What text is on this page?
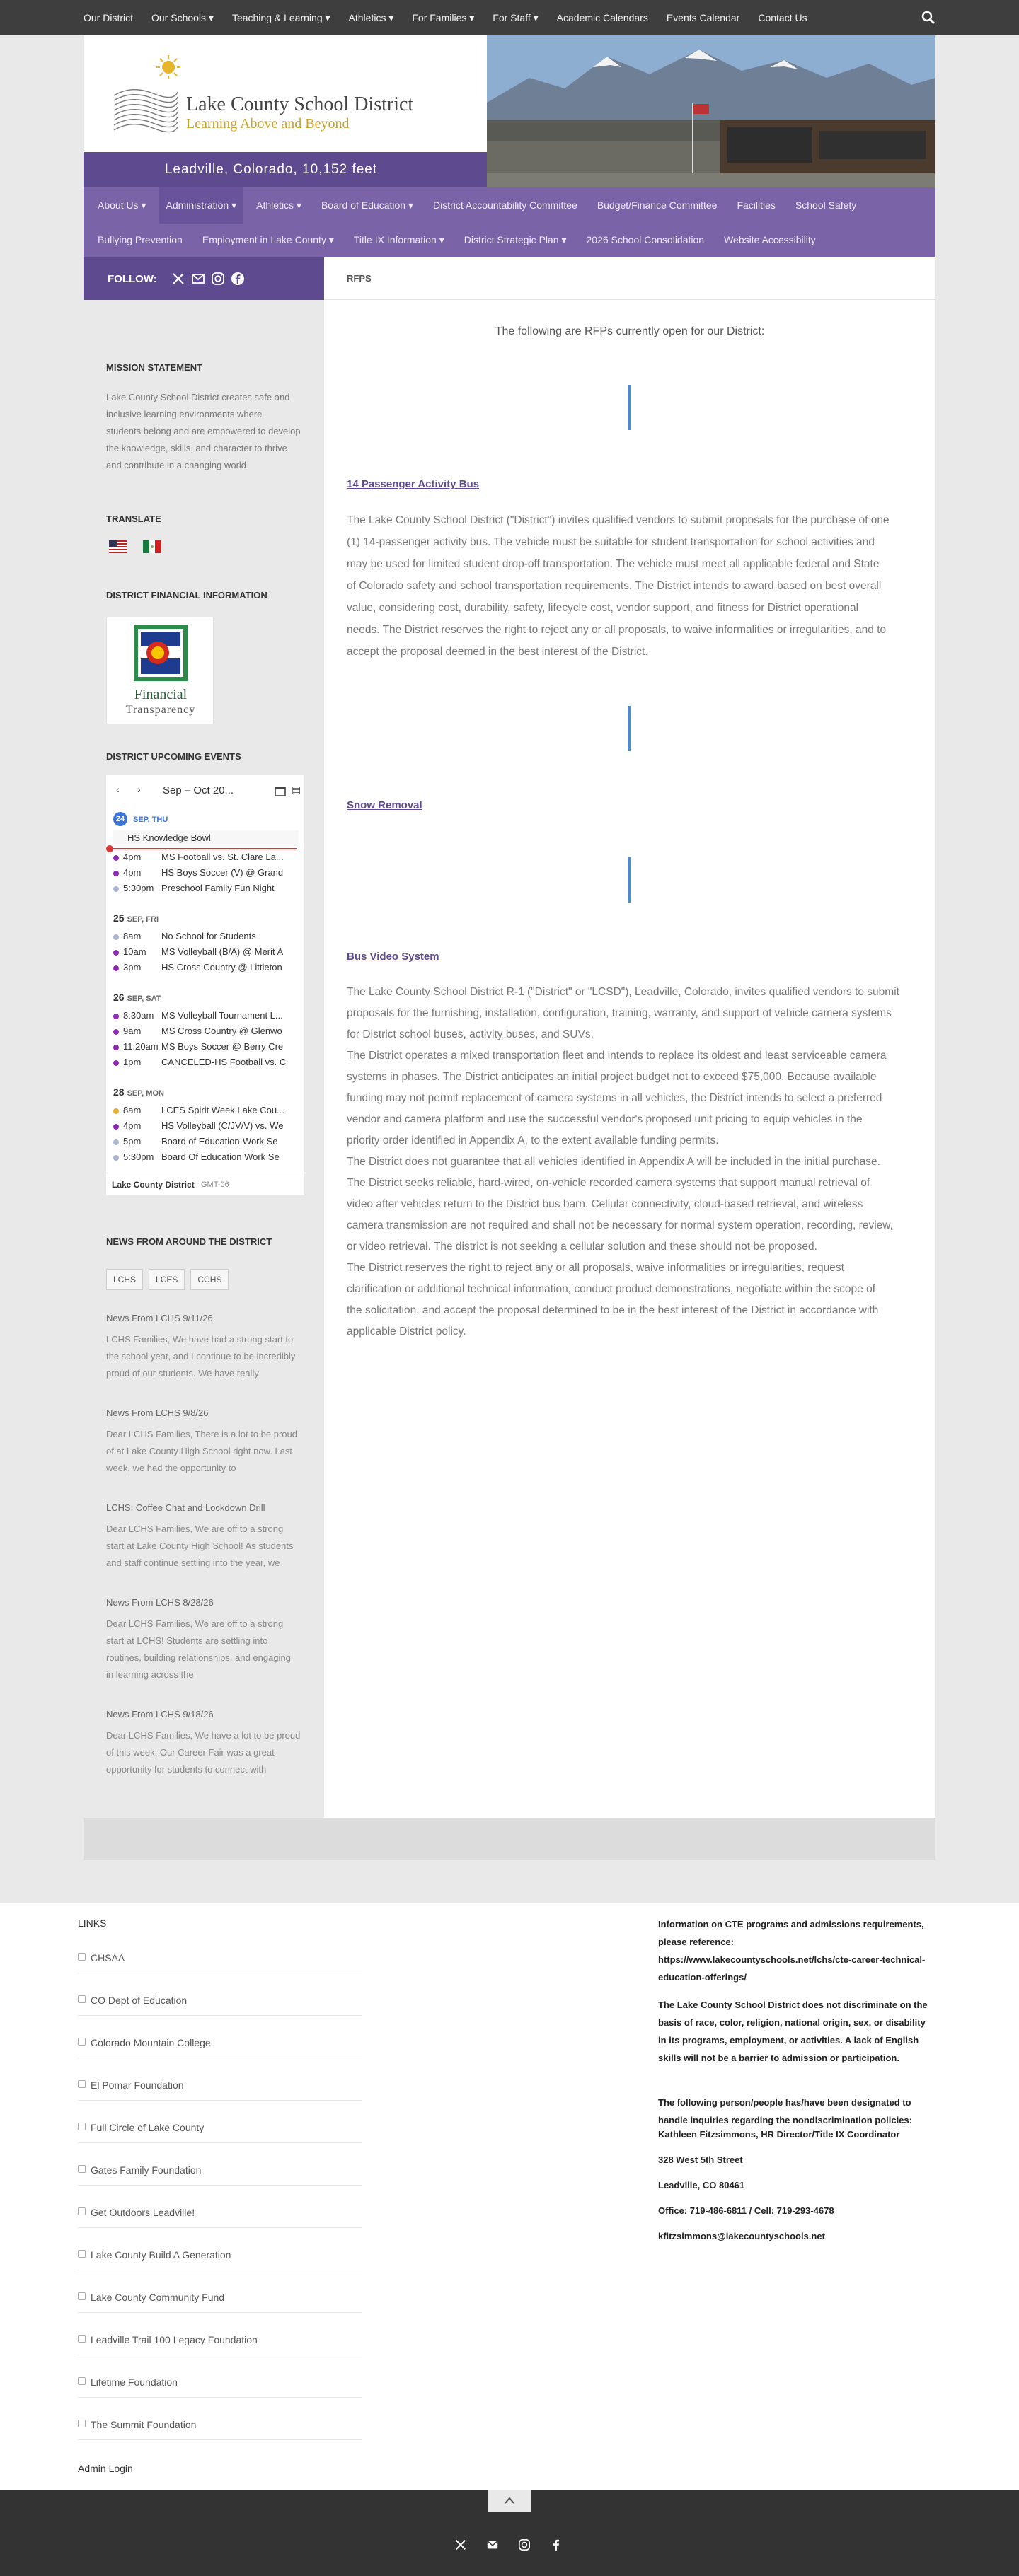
Our District Our Schools ▾ Teaching & Learning ▾ Athletics ▾ For Families ▾ For Staff ▾ Academic Calendars Events Calendar Contact Us
Lake County School District
Learning Above and Beyond
Leadville, Colorado, 10,152 feet
About Us ▾	Administration ▾	Athletics ▾ Board of Education ▾ District Accountability Committee Budget/Finance Committee Facilities School Safety
Bullying Prevention Employment in Lake County ▾ Title IX Information ▾ District Strategic Plan ▾ 2026 School Consolidation Website Accessibility
FOLLOW:
MISSION STATEMENT
Lake County School District creates safe and
inclusive learning environments where
students belong and are empowered to develop
the knowledge, skills, and character to thrive
and contribute in a changing world.
TRANSLATE
DISTRICT FINANCIAL INFORMATION
Financial
Transparency
DISTRICT UPCOMING EVENTS
‹ › Sep – Oct 20...	▤
24	SEP, THU
HS Knowledge Bowl
4pm MS Football vs. St. Clare La...
4pm HS Boys Soccer (V) @ Grand
5:30pm Preschool Family Fun Night
25 SEP, FRI
8am No School for Students
10am MS Volleyball (B/A) @ Merit A
3pm HS Cross Country @ Littleton
26 SEP, SAT
8:30am MS Volleyball Tournament L...
9am MS Cross Country @ Glenwo
11:20am MS Boys Soccer @ Berry Cre
1pm CANCELED-HS Football vs. C
28 SEP, MON
8am LCES Spirit Week Lake Cou...
4pm HS Volleyball (C/JV/V) vs. We
5pm Board of Education-Work Se
5:30pm Board Of Education Work Se
Lake County District GMT-06
NEWS FROM AROUND THE DISTRICT
LCHS	LCES	CCHS
News From LCHS 9/11/26
LCHS Families, We have had a strong start to
the school year, and I continue to be incredibly
proud of our students. We have really
News From LCHS 9/8/26
Dear LCHS Families, There is a lot to be proud
of at Lake County High School right now. Last
week, we had the opportunity to
LCHS: Coffee Chat and Lockdown Drill
Dear LCHS Families, We are off to a strong
start at Lake County High School! As students
and staff continue settling into the year, we
News From LCHS 8/28/26
Dear LCHS Families, We are off to a strong
start at LCHS! Students are settling into
routines, building relationships, and engaging
in learning across the
News From LCHS 9/18/26
Dear LCHS Families, We have a lot to be proud
of this week. Our Career Fair was a great
opportunity for students to connect with
RFPS
The following are RFPs currently open for our District:
14 Passenger Activity Bus
The Lake County School District ("District") invites qualified vendors to submit proposals for the purchase of one
(1) 14-passenger activity bus. The vehicle must be suitable for student transportation for school activities and
may be used for limited student drop-off transportation. The vehicle must meet all applicable federal and State
of Colorado safety and school transportation requirements. The District intends to award based on best overall
value, considering cost, durability, safety, lifecycle cost, vendor support, and fitness for District operational
needs. The District reserves the right to reject any or all proposals, to waive informalities or irregularities, and to
accept the proposal deemed in the best interest of the District.
Snow Removal
Bus Video System
The Lake County School District R-1 ("District" or "LCSD"), Leadville, Colorado, invites qualified vendors to submit
proposals for the furnishing, installation, configuration, training, warranty, and support of vehicle camera systems
for District school buses, activity buses, and SUVs.
The District operates a mixed transportation fleet and intends to replace its oldest and least serviceable camera
systems in phases. The District anticipates an initial project budget not to exceed $75,000. Because available
funding may not permit replacement of camera systems in all vehicles, the District intends to select a preferred
vendor and camera platform and use the successful vendor's proposed unit pricing to equip vehicles in the
priority order identified in Appendix A, to the extent available funding permits.
The District does not guarantee that all vehicles identified in Appendix A will be included in the initial purchase.
The District seeks reliable, hard-wired, on-vehicle recorded camera systems that support manual retrieval of
video after vehicles return to the District bus barn. Cellular connectivity, cloud-based retrieval, and wireless
camera transmission are not required and shall not be necessary for normal system operation, recording, review,
or video retrieval. The district is not seeking a cellular solution and these should not be proposed.
The District reserves the right to reject any or all proposals, waive informalities or irregularities, request
clarification or additional technical information, conduct product demonstrations, negotiate within the scope of
the solicitation, and accept the proposal determined to be in the best interest of the District in accordance with
applicable District policy.
LINKS
CHSAA
CO Dept of Education
Colorado Mountain College
El Pomar Foundation
Full Circle of Lake County
Gates Family Foundation
Get Outdoors Leadville!
Lake County Build A Generation
Lake County Community Fund
Leadville Trail 100 Legacy Foundation
Lifetime Foundation
The Summit Foundation
Information on CTE programs and admissions requirements,
please reference:
https://www.lakecountyschools.net/lchs/cte-career-technical-
education-offerings/
The Lake County School District does not discriminate on the
basis of race, color, religion, national origin, sex, or disability
in its programs, employment, or activities. A lack of English
skills will not be a barrier to admission or participation.
The following person/people has/have been designated to
handle inquiries regarding the nondiscrimination policies:
Kathleen Fitzsimmons, HR Director/Title IX Coordinator
328 West 5th Street
Leadville, CO 80461
Office: 719-486-6811 / Cell: 719-293-4678
kfitzsimmons@lakecountyschools.net
Admin Login
